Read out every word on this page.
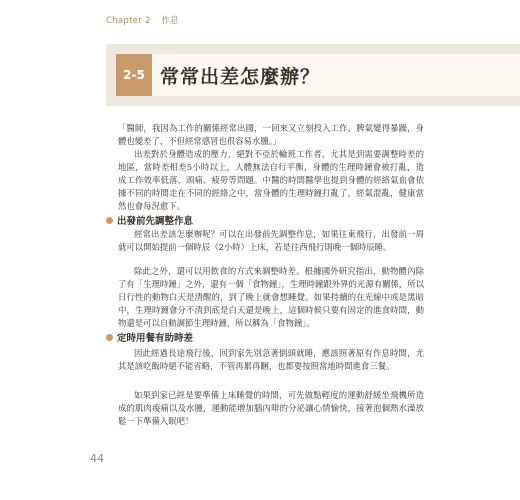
Chapter 2 作息
2-5 常常出差怎麼辦？
「醫師，我因為工作的關係經常出國，一回來又立刻投入工作，脾氣變得暴躁，身體也變差了，不但經常感冒也很容易水腫。」
出差對於身體造成的壓力，絕對不亞於輪班工作者，尤其是到需要調整時差的地區，當時差相差5小時以上，人體無法自行平衡，身體的生理時鐘會被打亂，造成工作效率低落、頭痛、疲勞等問題。中醫的時間醫學也提到身體的經絡氣血會依據不同的時間走在不同的經絡之中，當身體的生理時鐘打亂了，經氣混亂，健康當然也會每況愈下。
出發前先調整作息
經常出差該怎麼辦呢？可以在出發前先調整作息，如果往東飛行，出發前一周就可以開始提前一個時辰（2小時）上床，若是往西飛行則晚一個時辰睡。
除此之外，還可以用飲食的方式來調整時差。根據國外研究指出，動物體內除了有「生理時鐘」之外，還有一個「食物鐘」，生理時鐘跟外界的光源有關係，所以日行性的動物白天是清醒的，到了晚上就會想睡覺。如果持續的在光線中或是黑暗中，生理時鐘會分不清到底是白天還是晚上，這個時候只要有固定的進食時間，動物還是可以自動調節生理時鐘，所以稱為「食物鐘」。
定時用餐有助時差
因此經過長途飛行後，回到家先別急著倒頭就睡，應該照著原有作息時間，尤其是該吃飯時絕不能省略，不管再累再睏，也都要按照當地時間進食三餐。
如果到家已經是要準備上床睡覺的時間，可先做點輕度的運動舒緩坐飛機所造成的肌肉痠痛以及水腫，運動能增加腦內啡的分泌讓心情愉快，接著泡個熱水澡放鬆一下準備入眠吧！
44
